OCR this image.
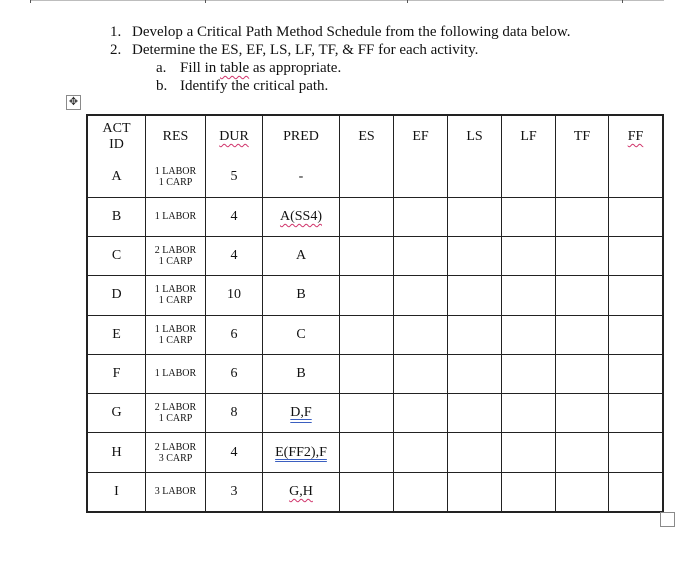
1. Develop a Critical Path Method Schedule from the following data below.
2. Determine the ES, EF, LS, LF, TF, & FF for each activity.
a. Fill in table as appropriate.
b. Identify the critical path.
✥
ACT
ID	RES	DUR	PRED	ES	EF	LS	LF	TF	FF
A	1 LABOR
1 CARP	5	-						
B	1 LABOR	4	A(SS4)						
C	2 LABOR
1 CARP	4	A						
D	1 LABOR
1 CARP	10	B						
E	1 LABOR
1 CARP	6	C						
F	1 LABOR	6	B						
G	2 LABOR
1 CARP	8	D,F						
H	2 LABOR
3 CARP	4	E(FF2),F						
I	3 LABOR	3	G,H						
